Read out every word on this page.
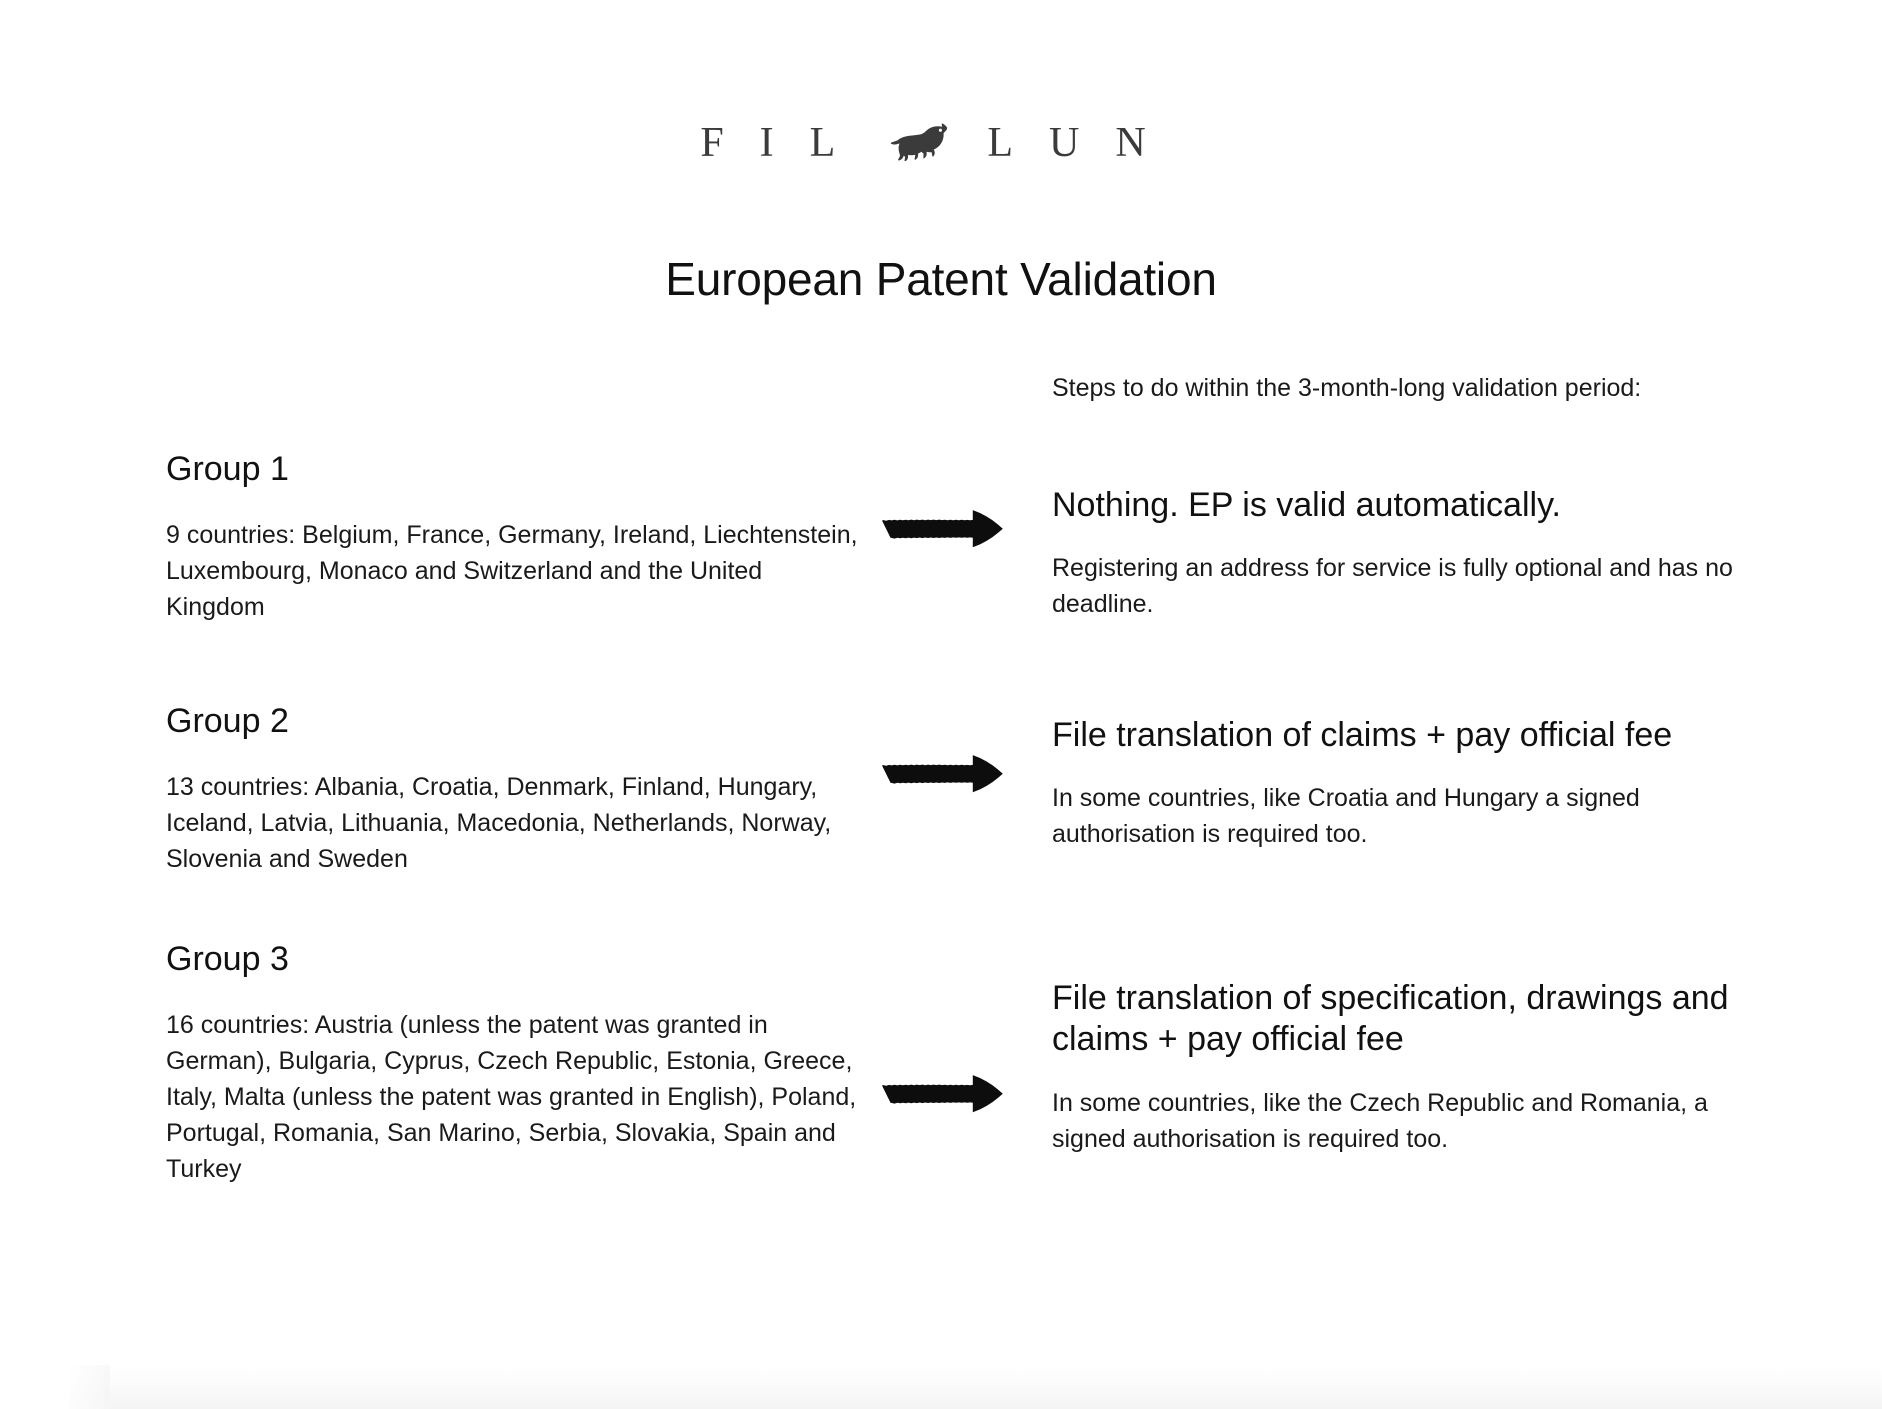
FIL	LUN
European Patent Validation
Group 1
9 countries: Belgium, France, Germany, Ireland, Liechtenstein, Luxembourg, Monaco and Switzerland and the United Kingdom
Group 2
13 countries: Albania, Croatia, Denmark, Finland, Hungary, Iceland, Latvia, Lithuania, Macedonia, Netherlands, Norway, Slovenia and Sweden
Group 3
16 countries: Austria (unless the patent was granted in German), Bulgaria, Cyprus, Czech Republic, Estonia, Greece, Italy, Malta (unless the patent was granted in English), Poland, Portugal, Romania, San Marino, Serbia, Slovakia, Spain and Turkey
Steps to do within the 3-month-long validation period:
Nothing. EP is valid automatically.
Registering an address for service is fully optional and has no deadline.
File translation of claims + pay official fee
In some countries, like Croatia and Hungary a signed authorisation is required too.
File translation of specification, drawings and claims + pay official fee
In some countries, like the Czech Republic and Romania, a signed authorisation is required too.
